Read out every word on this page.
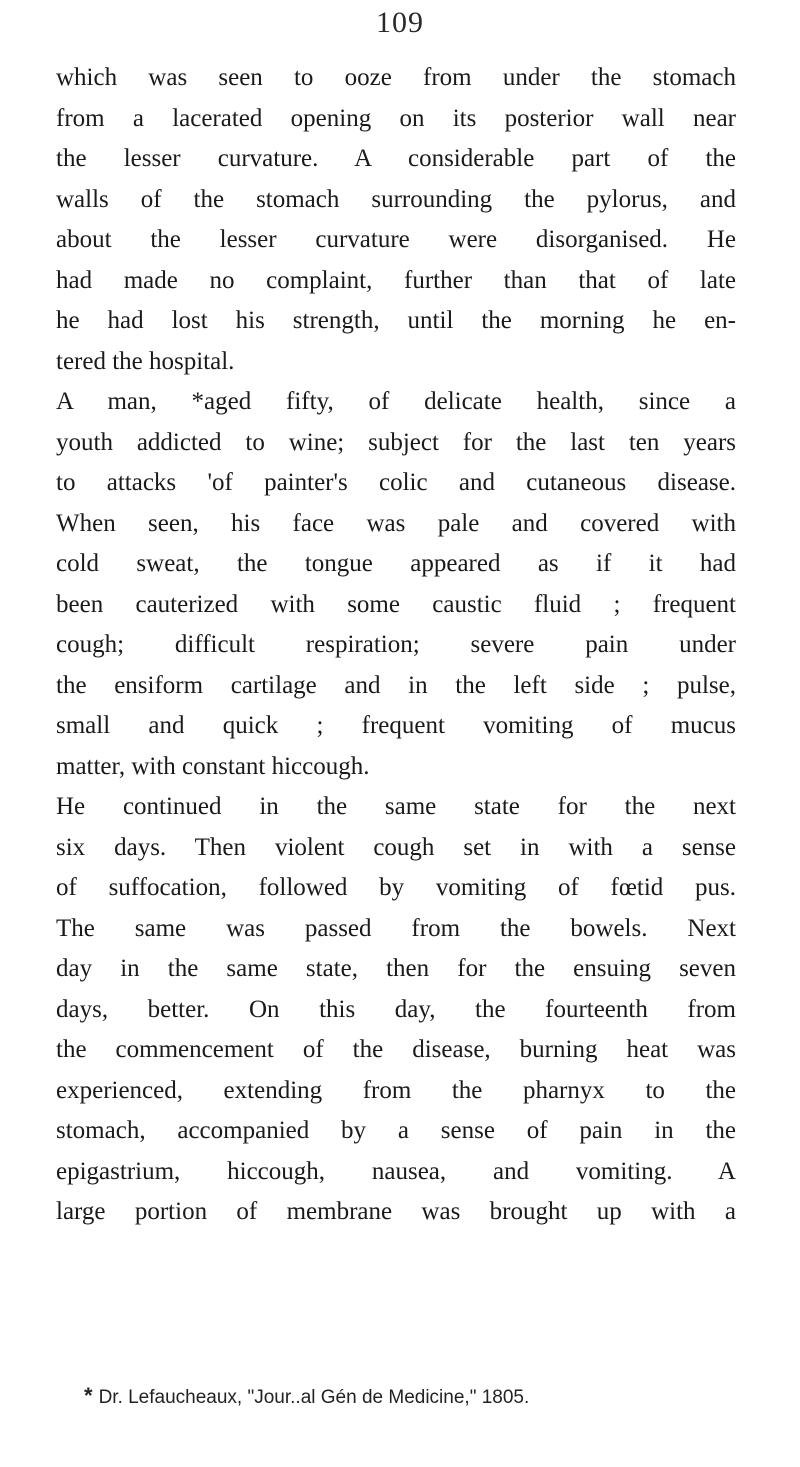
109
which was seen to ooze from under the stomach
from a lacerated opening on its posterior wall near
the lesser curvature. A considerable part of the
walls of the stomach surrounding the pylorus, and
about the lesser curvature were disorganised. He
had made no complaint, further than that of late
he had lost his strength, until the morning he en-
tered the hospital.
A man, *aged fifty, of delicate health, since a
youth addicted to wine; subject for the last ten years
to attacks 'of painter's colic and cutaneous disease.
When seen, his face was pale and covered with
cold sweat, the tongue appeared as if it had
been cauterized with some caustic fluid ; frequent
cough; difficult respiration; severe pain under
the ensiform cartilage and in the left side ; pulse,
small and quick ; frequent vomiting of mucus
matter, with constant hiccough.
He continued in the same state for the next
six days. Then violent cough set in with a sense
of suffocation, followed by vomiting of fœtid pus.
The same was passed from the bowels. Next
day in the same state, then for the ensuing seven
days, better. On this day, the fourteenth from
the commencement of the disease, burning heat was
experienced, extending from the pharnyx to the
stomach, accompanied by a sense of pain in the
epigastrium, hiccough, nausea, and vomiting. A
large portion of membrane was brought up with a
* Dr. Lefaucheaux, "Jour..al Gén de Medicine," 1805.
